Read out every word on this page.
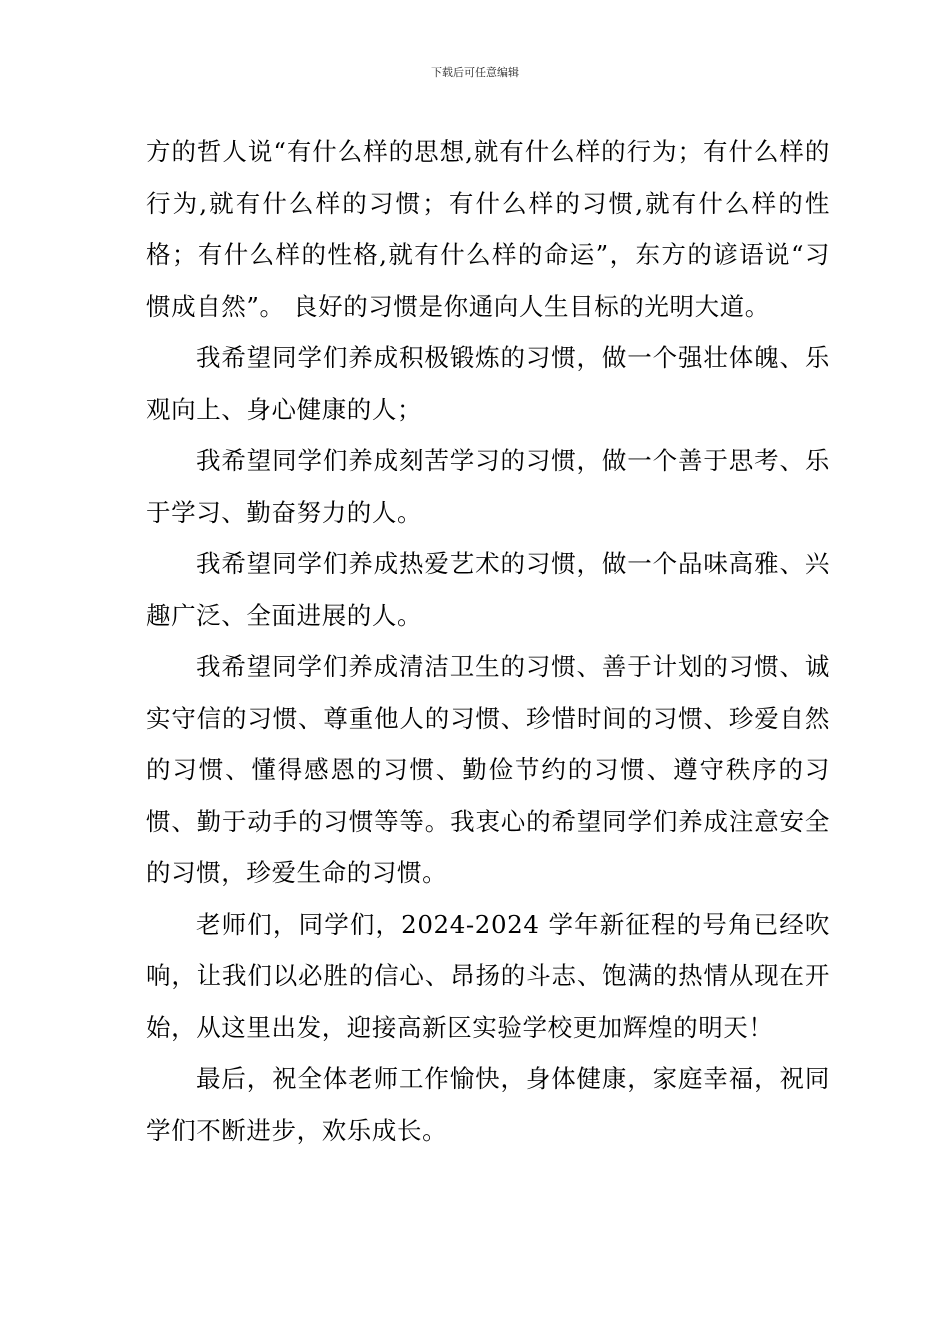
下载后可任意编辑

方的哲人说“有什么样的思想,就有什么样的行为；有什么样的行为,就有什么样的习惯；有什么样的习惯,就有什么样的性格；有什么样的性格,就有什么样的命运”，东方的谚语说“习惯成自然”。 良好的习惯是你通向人生目标的光明大道。

我希望同学们养成积极锻炼的习惯，做一个强壮体魄、乐观向上、身心健康的人；

我希望同学们养成刻苦学习的习惯，做一个善于思考、乐于学习、勤奋努力的人。

我希望同学们养成热爱艺术的习惯，做一个品味高雅、兴趣广泛、全面进展的人。

我希望同学们养成清洁卫生的习惯、善于计划的习惯、诚实守信的习惯、尊重他人的习惯、珍惜时间的习惯、珍爱自然的习惯、懂得感恩的习惯、勤俭节约的习惯、遵守秩序的习惯、勤于动手的习惯等等。我衷心的希望同学们养成注意安全的习惯，珍爱生命的习惯。

老师们，同学们，2024-2024 学年新征程的号角已经吹响，让我们以必胜的信心、昂扬的斗志、饱满的热情从现在开始，从这里出发，迎接高新区实验学校更加辉煌的明天！

最后，祝全体老师工作愉快，身体健康，家庭幸福，祝同学们不断进步，欢乐成长。
